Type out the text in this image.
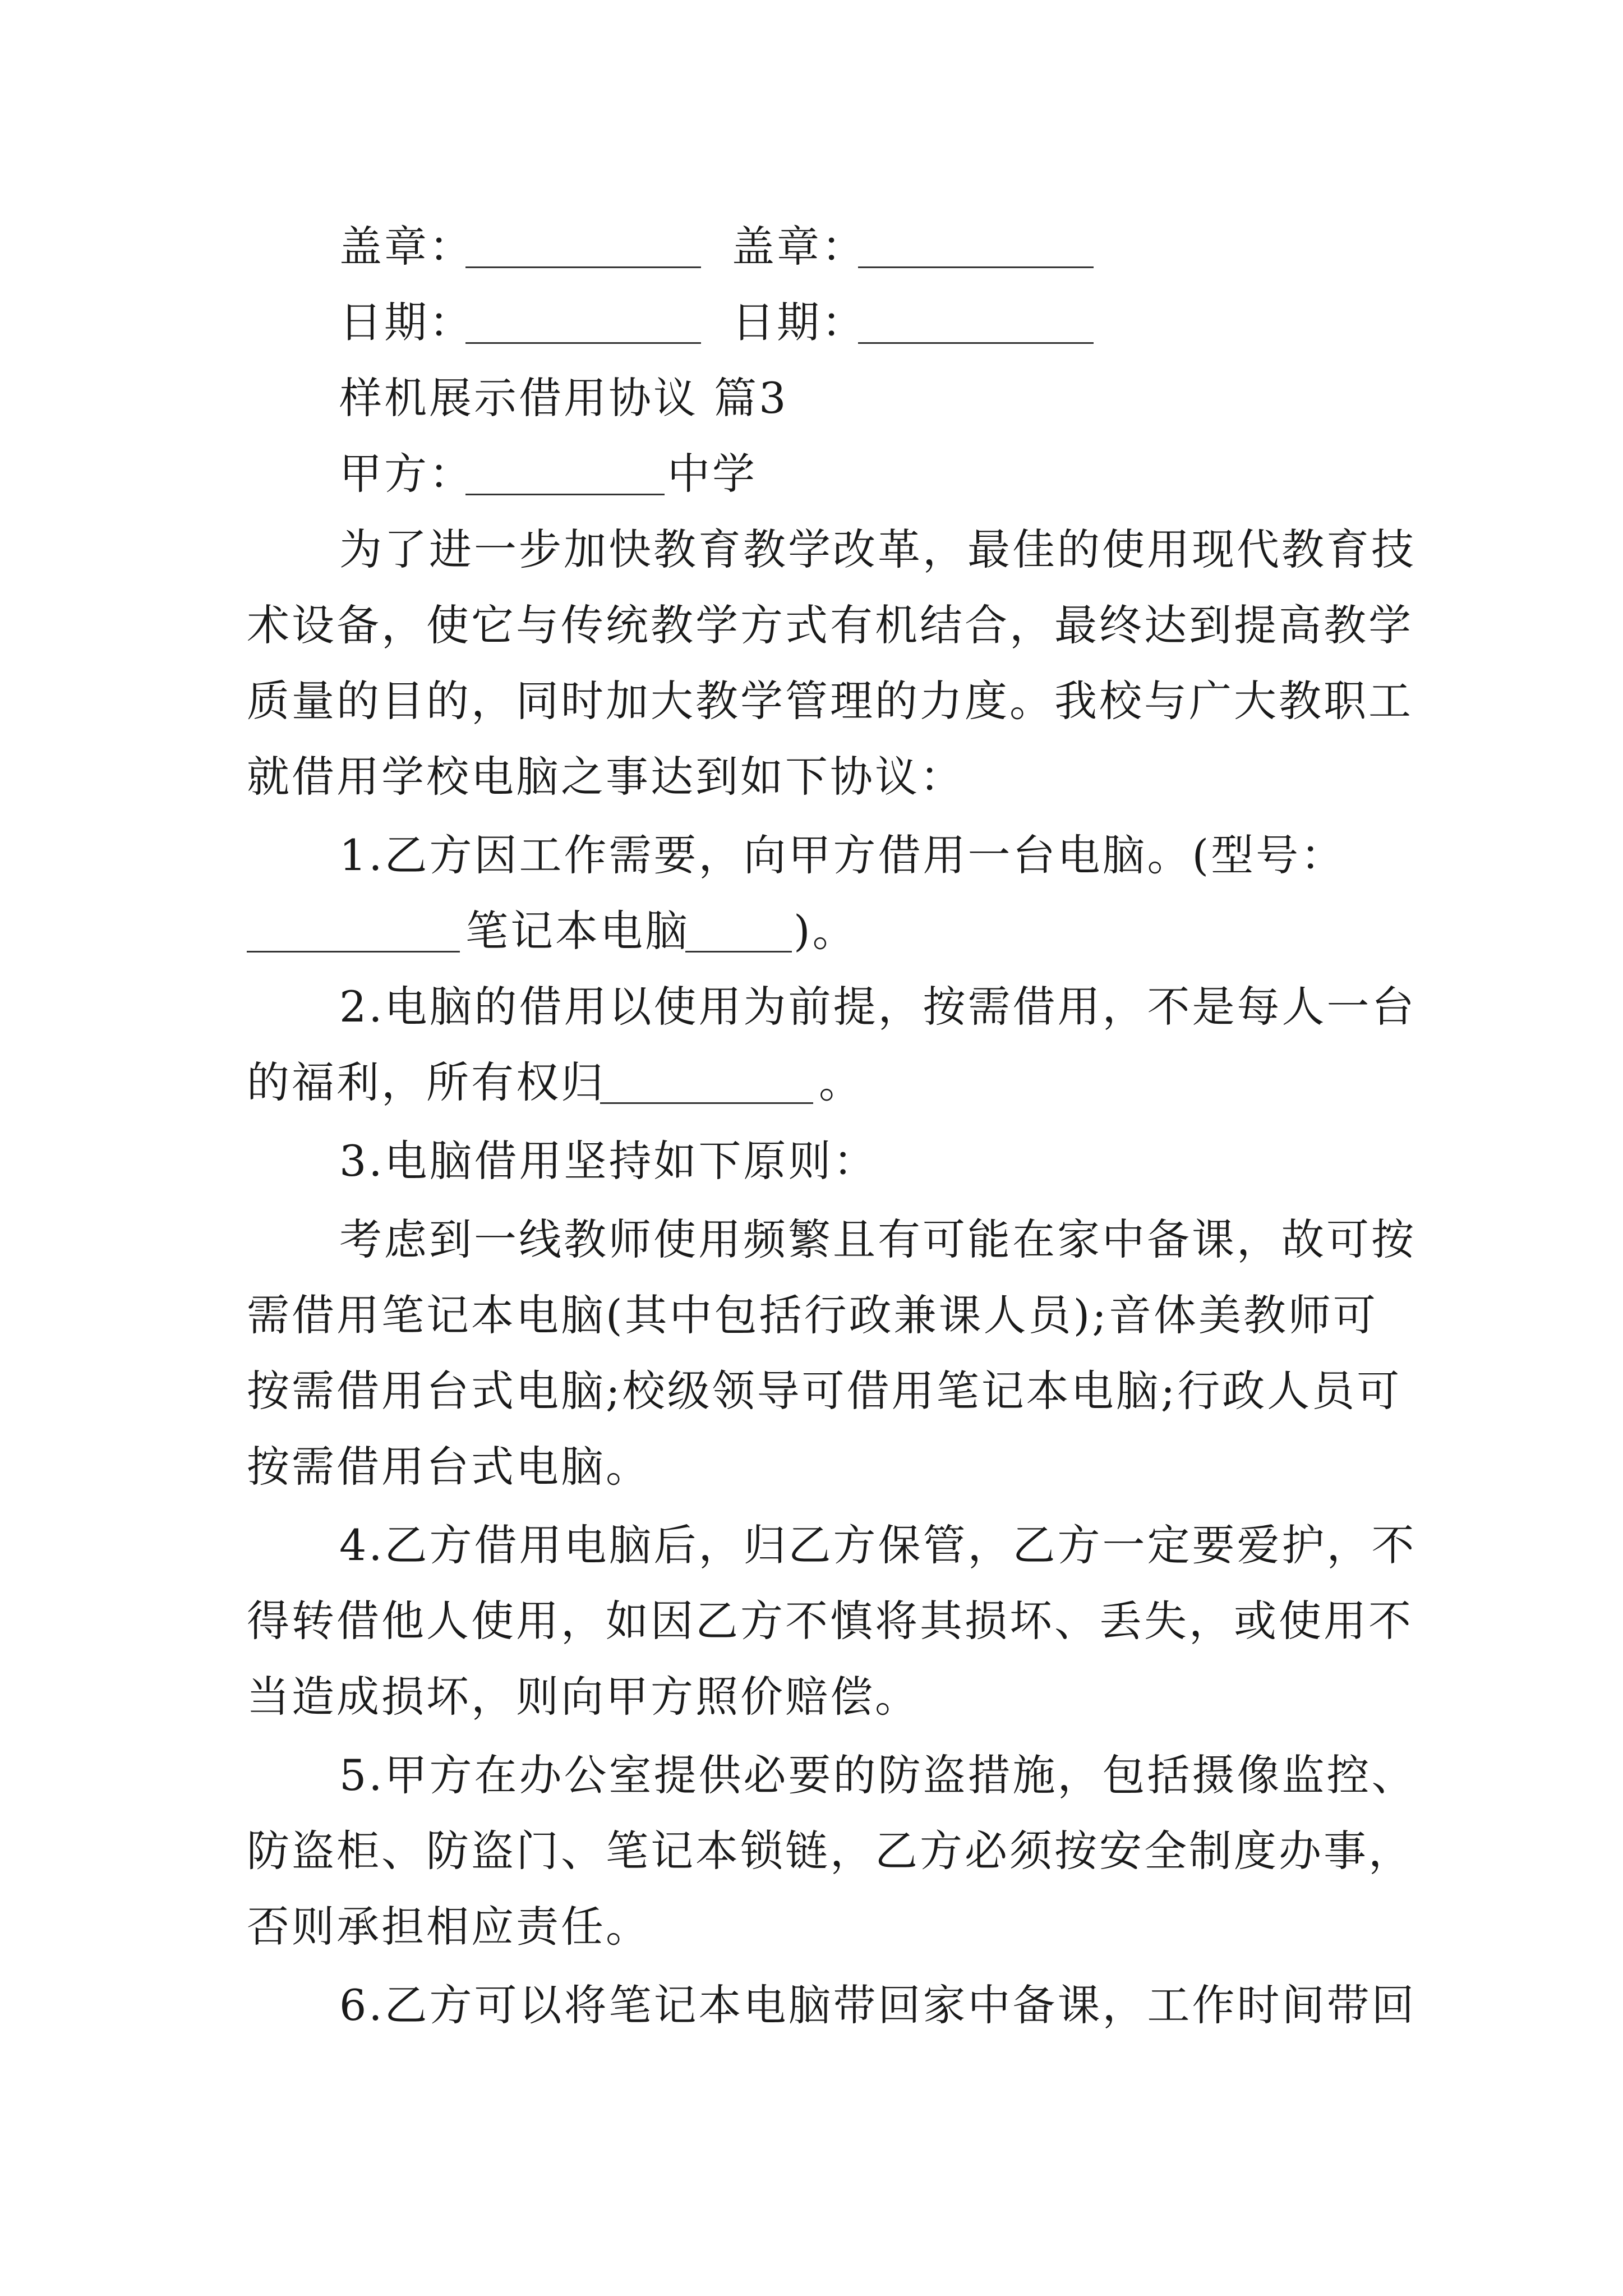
盖章：	盖章：
日期：	日期：
样机展示借用协议 篇3
甲方：	中学
为了进一步加快教育教学改革，最佳的使用现代教育技
术设备，使它与传统教学方式有机结合，最终达到提高教学
质量的目的，同时加大教学管理的力度。我校与广大教职工
就借用学校电脑之事达到如下协议：
1.乙方因工作需要，向甲方借用一台电脑。(型号：
笔记本电脑 )。
2.电脑的借用以使用为前提，按需借用，不是每人一台
的福利，所有权归	。
3.电脑借用坚持如下原则：
考虑到一线教师使用频繁且有可能在家中备课，故可按
需借用笔记本电脑(其中包括行政兼课人员);音体美教师可
按需借用台式电脑;校级领导可借用笔记本电脑;行政人员可
按需借用台式电脑。
4.乙方借用电脑后，归乙方保管，乙方一定要爱护，不
得转借他人使用，如因乙方不慎将其损坏、丢失，或使用不
当造成损坏，则向甲方照价赔偿。
5.甲方在办公室提供必要的防盗措施，包括摄像监控、
防盗柜、防盗门、笔记本锁链，乙方必须按安全制度办事，
否则承担相应责任。
6.乙方可以将笔记本电脑带回家中备课，工作时间带回
